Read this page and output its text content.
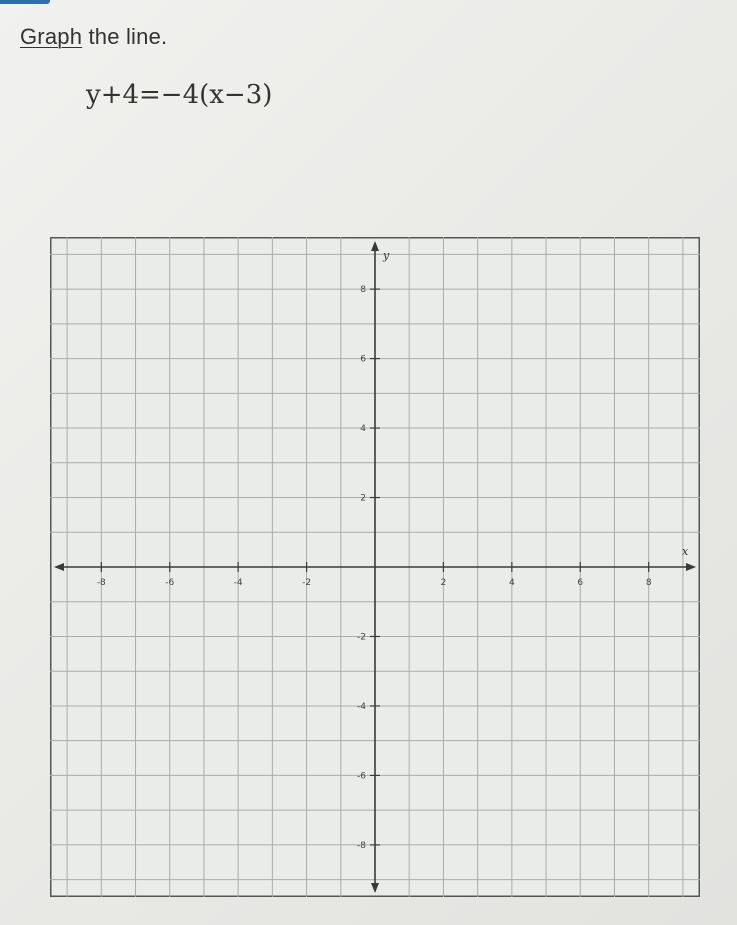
Graph the line.
y+4=−4(x−3)
x
y
-8	-6	-4	-2	2	4	6	8
8
6
4
2
-2
-4
-6
-8
